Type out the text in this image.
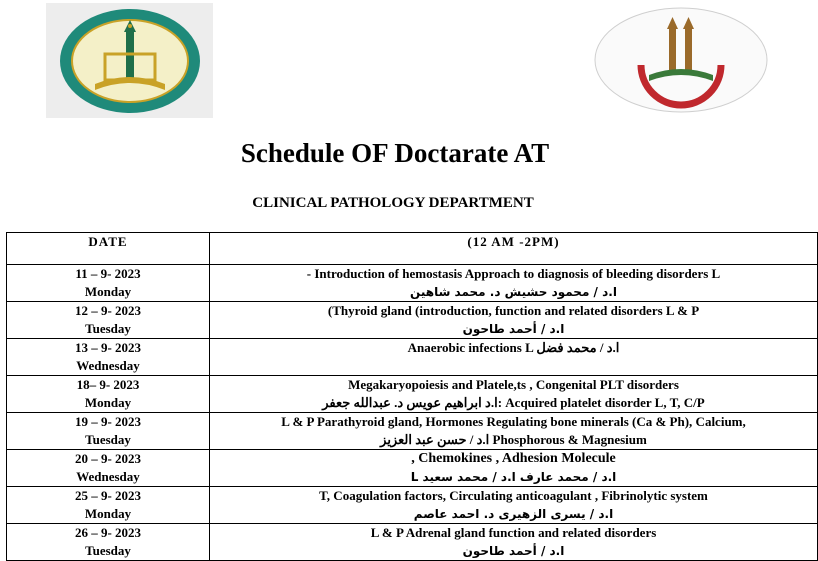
Schedule OF Doctarate AT
CLINICAL PATHOLOGY DEPARTMENT
DATE	(12 AM -2PM)

11 – 9- 2023
Monday	- Introduction of hemostasis Approach to diagnosis of bleeding disorders L
ا.د / محمود حشيش د. محمد شاهين

12 – 9- 2023
Tuesday	(Thyroid gland (introduction, function and related disorders L & P
ا.د / أحمد طاحون

13 – 9- 2023
Wednesday	Anaerobic infections L ا.د / محمد فضل

18– 9- 2023
Monday	Megakaryopoiesis and Platele,ts , Congenital PLT disorders
ا.د ابراهيم عويس د. عبدالله جعفر: Acquired platelet disorder L, T, C/P

19 – 9- 2023
Tuesday	L & P Parathyroid gland, Hormones Regulating bone minerals (Ca & Ph), Calcium,
ا.د / حسن عبد العزيز Phosphorous & Magnesium

20 – 9- 2023
Wednesday	, Chemokines , Adhesion Molecule
L ا.د / محمد عارف ا.د / محمد سعيد

25 – 9- 2023
Monday	T, Coagulation factors, Circulating anticoagulant , Fibrinolytic system
ا.د / يسرى الزهيرى د. احمد عاصم

26 – 9- 2023
Tuesday	L & P Adrenal gland function and related disorders
ا.د / أحمد طاحون
